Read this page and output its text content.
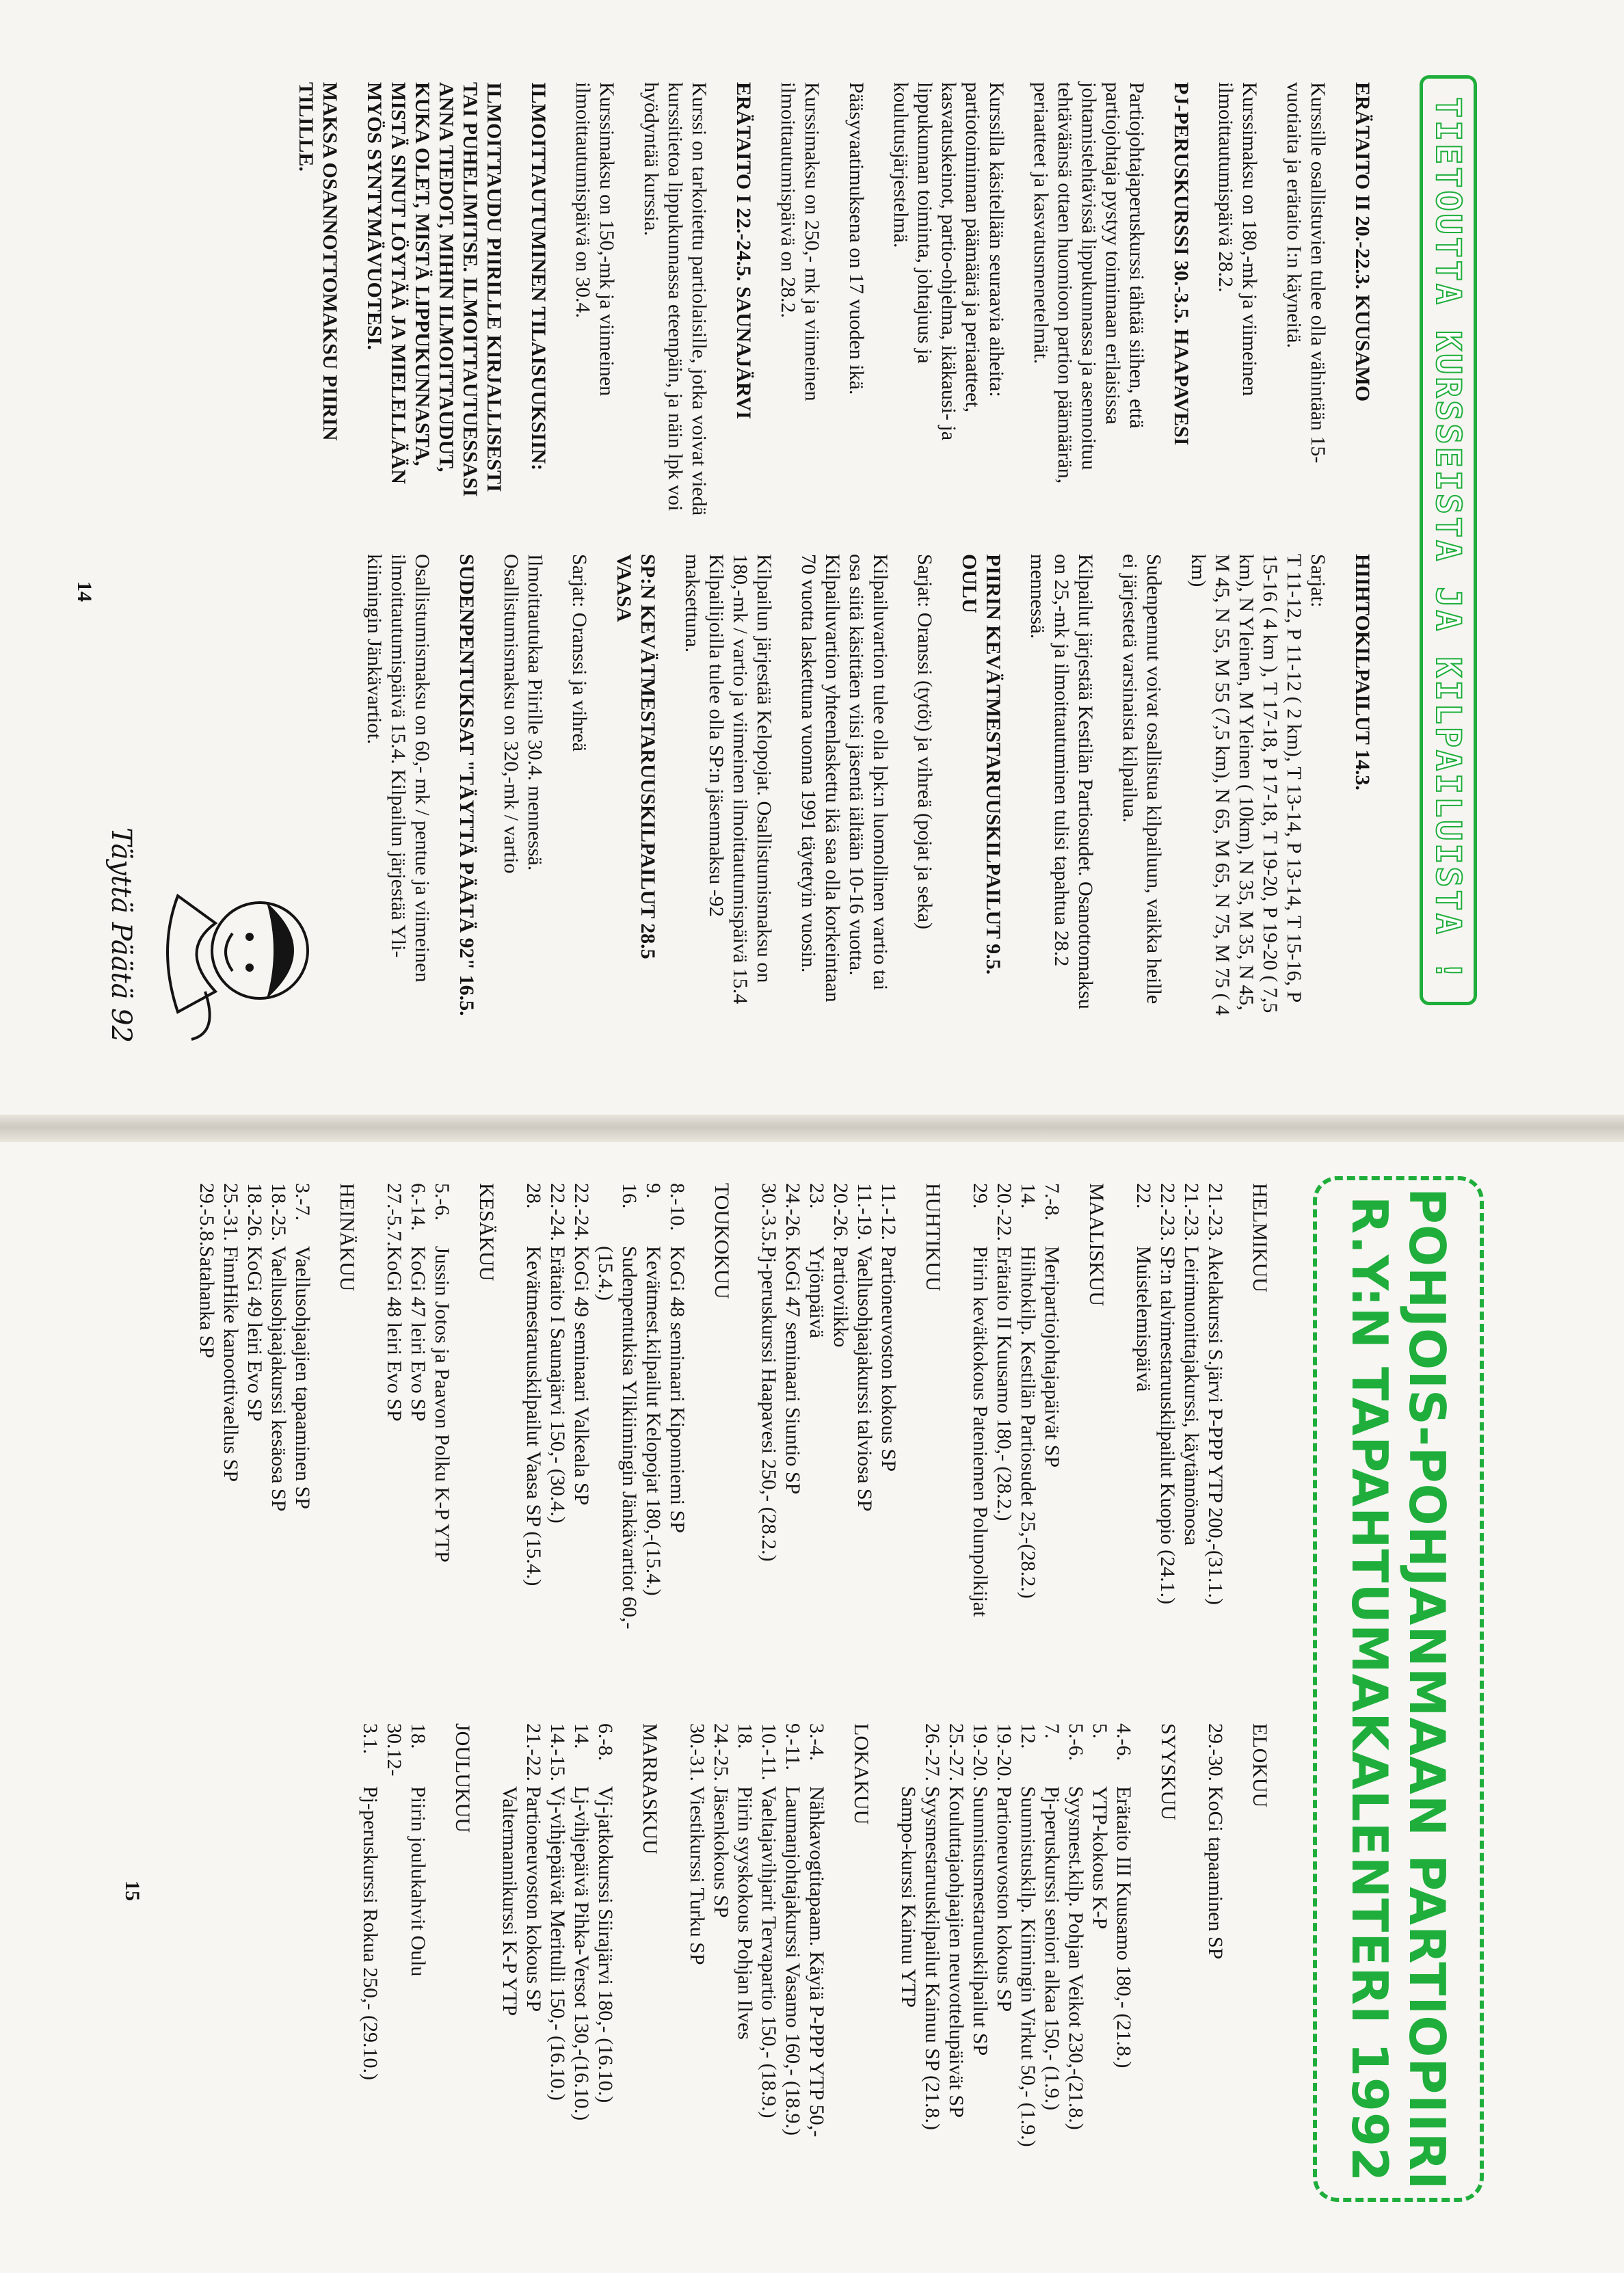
TIETOUTTA KURSSEISTA JA KILPAILUISTA !

ERÄTAITO II 20.-22.3. KUUSAMO

Kurssille osallistuvien tulee olla vähintään 15-vuotiaita ja erätaito I:n käyneitä.

Kurssimaksu on 180,-mk ja viimeinen ilmoittautumispäivä 28.2.

PJ-PERUSKURSSI 30.-3.5. HAAPAVESI

Partiojohtajaperuskurssi tähtää siihen, että partiojohtaja pystyy toimimaan erilaisissa johtamistehtävissä lippukunnassa ja asennoituu tehtäväänsä ottaen huomioon partion päämäärän, periaatteet ja kasvatusmenetelmät.

Kurssilla käsitellään seuraavia aiheita: partiotoiminnan päämäärä ja periaatteet, kasvatuskeinot, partio-ohjelma, ikäkausi- ja lippukunnan toiminta, johtajuus ja koulutusjärjestelmä.

Pääsyvaatimuksena on 17 vuoden ikä.

Kurssimaksu on 250,- mk ja viimeinen ilmoittautumispäivä on 28.2.

ERÄTAITO I 22.-24.5. SAUNAJÄRVI

Kurssi on tarkoitettu partiolaisille, jotka voivat viedä kurssitietoa lippukunnassa eteenpäin, ja näin lpk voi hyödyntää kurssia.

Kurssimaksu on 150,-mk ja viimeinen ilmoittautumispäivä on 30.4.

ILMOITTAUTUMINEN TILAISUUKSIIN:

ILMOITTAUDU PIIRILLE KIRJALLISESTI TAI PUHELIMITSE. ILMOITTAUTUESSASI ANNA TIEDOT, MIHIN ILMOITTAUDUT, KUKA OLET, MISTÄ LIPPUKUNNASTA, MISTÄ SINUT LÖYTÄÄ JA MIELELLÄÄN MYÖS SYNTYMÄVUOTESI.

MAKSA OSANNOTTOMAKSU PIIRIN TILILLE.

HIIHTOKILPAILUT 14.3.

Sarjat:
T 11-12, P 11-12 ( 2 km), T 13-14, P 13-14, T 15-16, P 15-16 ( 4 km ), T 17-18, P 17-18, T 19-20, P 19-20 ( 7,5 km), N Yleinen, M Yleinen ( 10km), N 35, M 35, N 45, M 45, N 55, M 55 (7,5 km), N 65, M 65, N 75, M 75 ( 4 km)

Sudenpennut voivat osallistua kilpailuun, vaikka heille ei järjestetä varsinaista kilpailua.

Kilpailut järjestää Kestilän Partiosudet. Osanottomaksu on 25,-mk ja ilmoittautuminen tulisi tapahtua 28.2 mennessä.

PIIRIN KEVÄTMESTARUUSKILPAILUT 9.5. OULU

Sarjat: Oranssi (tytöt) ja vihreä (pojat ja seka)

Kilpailuvartion tulee olla lpk:n luomollinen vartio tai osa siitä käsittäen viisi jäsentä iältään 10-16 vuotta. Kilpailuvartion yhteenlaskettu ikä saa olla korkeintaan 70 vuotta laskettuna vuonna 1991 täytetyin vuosin.

Kilpailun järjestää Kelopojat. Osallistumismaksu on 180,-mk / vartio ja viimeinen ilmoittautumispäivä 15.4 Kilpailijoilla tulee olla SP:n jäsenmaksu -92 maksettuna.

SP:N KEVÄTMESTARUUSKILPAILUT 28.5 VAASA

Sarjat: Oranssi ja vihreä

Ilmoittautukaa Piirille 30.4. mennessä. Osallistumismaksu on 320,-mk / vartio

SUDENPENTUKISAT "TÄYTTÄ PÄÄTÄ 92" 16.5.

Osallistumismaksu on 60,- mk / pentue ja viimeinen ilmoittautumispäivä 15.4. Kilpailun järjestää Yli-kiimingin Jänkävartiot.

Täyttä Päätä 92
14
POHJOIS-POHJANMAAN PARTIOPIIRI
R.Y:N TAPAHTUMAKALENTERI 1992

HELMIKUU

21.-23.
Akelakurssi S.järvi P-PPP YTP 200,-(31.1.)
21.-23.
Leirimuonittajakurssi, käytännönosa
22.-23.
SP:n talvimestaruuskilpailut Kuopio (24.1.)
22.
Muistelemispäivä

MAALISKUU

7.-8.
Meripartiojohtajapäivät SP
14.
Hiihtokilp. Kestilän Partiosudet 25,-(28.2.)
20.-22.
Erätaito II Kuusamo 180,- (28.2.)
29.
Piirin kevätkokous Pateniemen Polunpolkijat

HUHTIKUU

11.-12.
Partioneuvoston kokous SP
11.-19.
Vaellusohjaajakurssi talviosa SP
20.-26.
Partioviikko
23.
Yrjönpäivä
24.-26.
KoGi 47 seminaari Siuntio SP
30.-3.5.
Pj-peruskurssi Haapavesi 250,- (28.2.)

TOUKOKUU

8.-10.
KoGi 48 seminaari Kiponniemi SP
9.
Kevätmest.kilpailut Kelopojat 180,-(15.4.)
16.
Sudenpentukisa Ylikiimingin Jänkävartiot 60,- (15.4.)
22.-24.
KoGi 49 seminaari Valkeala SP
22.-24.
Erätaito I Saunajärvi 150,- (30.4.)
28.
Kevätmestaruuskilpailut Vaasa SP (15.4.)

KESÄKUU

5.-6.
Jussin Jotos ja Paavon Polku K-P YTP
6.-14.
KoGi 47 leiri Evo SP
27.-5.7.
KoGi 48 leiri Evo SP

HEINÄKUU

3.-7.
Vaellusohjaajien tapaaminen SP
18.-25.
Vaellusohjaajakurssi kesäosa SP
18.-26.
KoGi 49 leiri Evo SP
25.-31.
FinnHike kanoottivaellus SP
29.-5.8.
Satahanka SP

ELOKUU

29.-30.
KoGi tapaaminen SP

SYYSKUU

4.-6.
Erätaito III Kuusamo 180,- (21.8.)
5.
YTP-kokous K-P
5.-6.
Syysmest.kilp. Pohjan Veikot 230,-(21.8.)
7.
Pj-peruskurssi seniori alkaa 150,- (1.9.)
12.
Suunnistuskilp. Kiimingin Virkut 50,- (1.9.)
19.-20.
Partioneuvoston kokous SP
19.-20.
Suunnistusmestaruuskilpailut SP
25.-27.
Kouluttajaohjaajien neuvottelupäivät SP
26.-27.
Syysmestaruuskilpailut Kainuu SP (21.8.)
Sampo-kurssi Kainuu YTP

LOKAKUU

3.-4.
Nähkavogtitapaam. Käyiä P-PPP YTP 50,-
9.-11.
Laumanjohtajakurssi Vasamo 160,- (18.9.)
10.-11.
Vaeltajavihjarit Tervapartio 150,- (18.9.)
18.
Piirin syyskokous Pohjan Ilves
24.-25.
Jäsenkokous SP
30.-31.
Viestikurssi Turku SP

MARRASKUU

6.-8.
Vj-jatkokurssi Siirajärvi 180,- (16.10.)
14.
Lj-vihjepäivä Pihka-Versot 130,-(16.10.)
14.-15.
Vj-vihjepäivät Meritulli 150,- (16.10.)
21.-22.
Partioneuvoston kokous SP
Valtermannikurssi K-P YTP

JOULUKUU

18.
Piirin joulukahvit Oulu
30.12-
3.1.
Pj-peruskurssi Rokua 250,- (29.10.)
15
